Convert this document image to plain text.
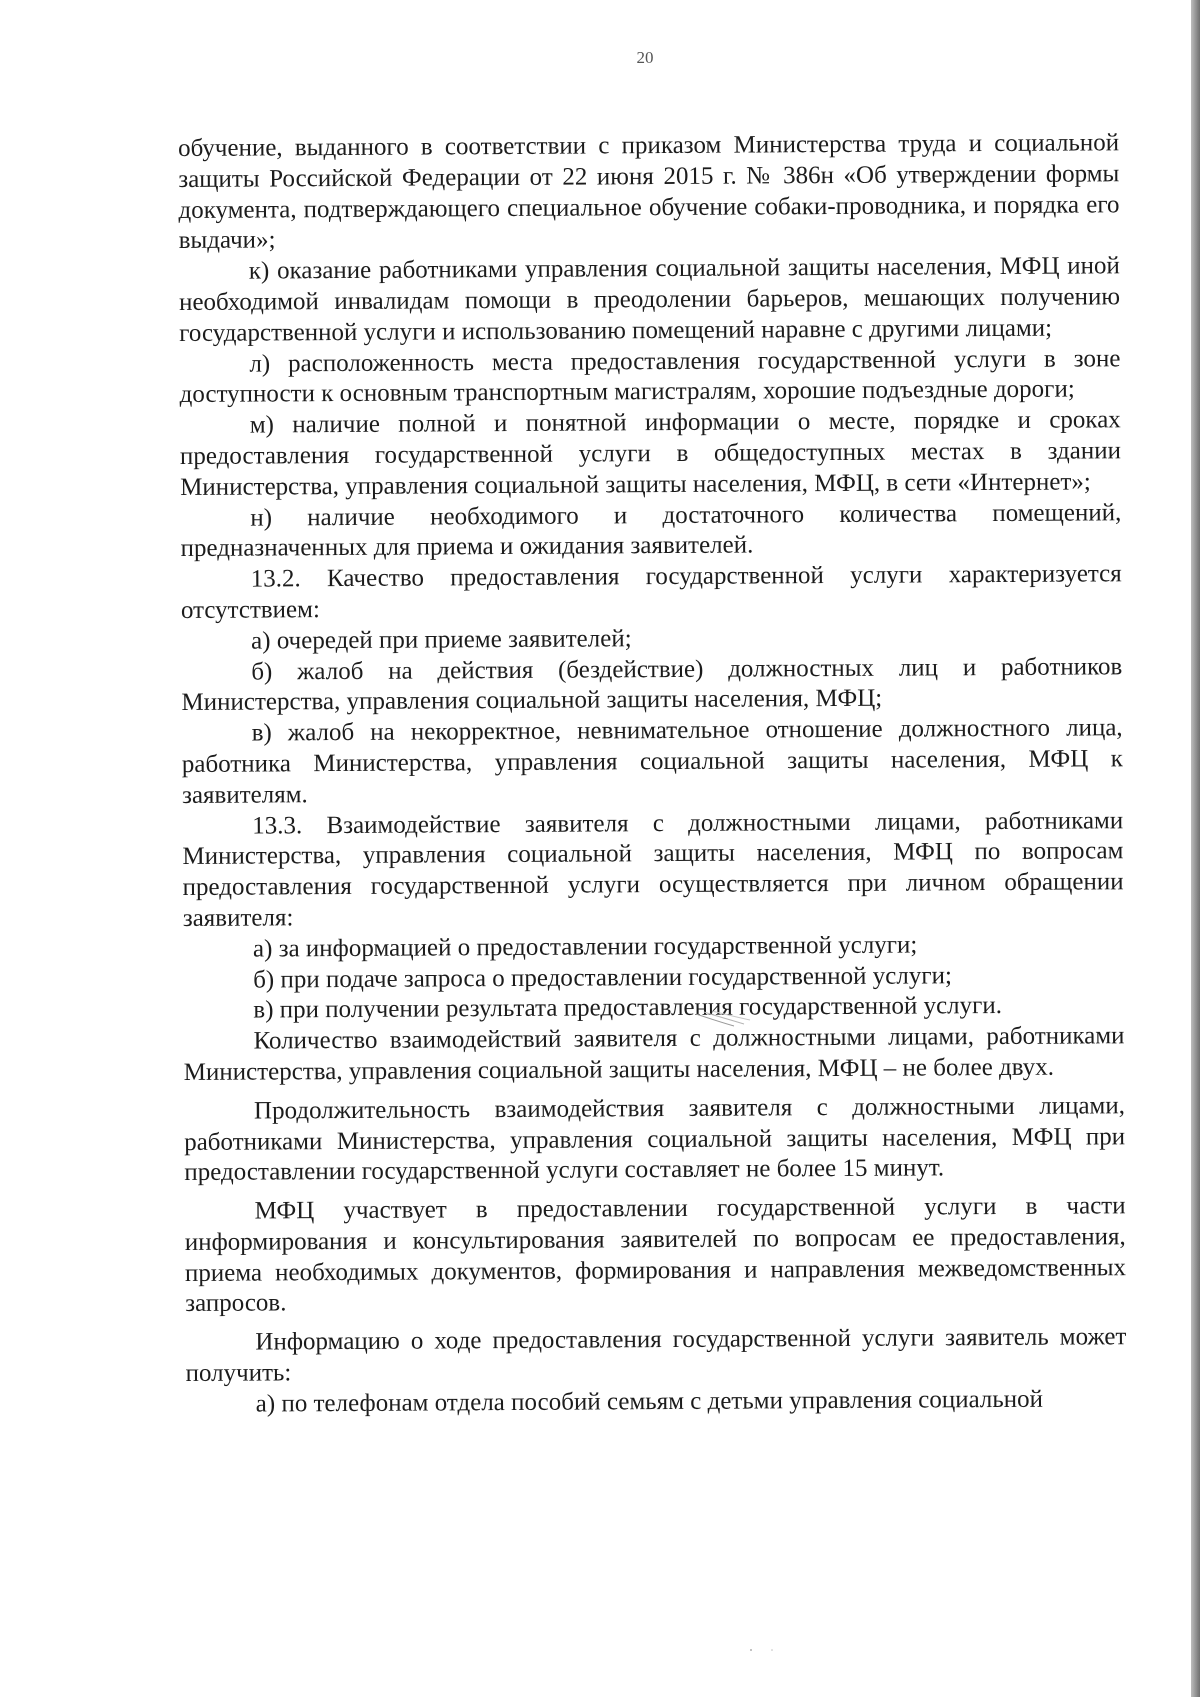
20

обучение, выданного в соответствии с приказом Министерства труда и социальной защиты Российской Федерации от 22 июня 2015 г. № 386н «Об утверждении формы документа, подтверждающего специальное обучение собаки-проводника, и порядка его выдачи»;

к) оказание работниками управления социальной защиты населения, МФЦ иной необходимой инвалидам помощи в преодолении барьеров, мешающих получению государственной услуги и использованию помещений наравне с другими лицами;

л) расположенность места предоставления государственной услуги в зоне доступности к основным транспортным магистралям, хорошие подъездные дороги;

м) наличие полной и понятной информации о месте, порядке и сроках предоставления государственной услуги в общедоступных местах в здании Министерства, управления социальной защиты населения, МФЦ, в сети «Интернет»;

н) наличие необходимого и достаточного количества помещений, предназначенных для приема и ожидания заявителей.

13.2. Качество предоставления государственной услуги характеризуется отсутствием:

а) очередей при приеме заявителей;

б) жалоб на действия (бездействие) должностных лиц и работников Министерства, управления социальной защиты населения, МФЦ;

в) жалоб на некорректное, невнимательное отношение должностного лица, работника Министерства, управления социальной защиты населения, МФЦ к заявителям.

13.3. Взаимодействие заявителя с должностными лицами, работниками Министерства, управления социальной защиты населения, МФЦ по вопросам предоставления государственной услуги осуществляется при личном обращении заявителя:

а) за информацией о предоставлении государственной услуги;

б) при подаче запроса о предоставлении государственной услуги;

в) при получении результата предоставления государственной услуги.

Количество взаимодействий заявителя с должностными лицами, работниками Министерства, управления социальной защиты населения, МФЦ – не более двух.

Продолжительность взаимодействия заявителя с должностными лицами, работниками Министерства, управления социальной защиты населения, МФЦ при предоставлении государственной услуги составляет не более 15 минут.

МФЦ участвует в предоставлении государственной услуги в части информирования и консультирования заявителей по вопросам ее предоставления, приема необходимых документов, формирования и направления межведомственных запросов.

Информацию о ходе предоставления государственной услуги заявитель может получить:

а) по телефонам отдела пособий семьям с детьми управления социальной
